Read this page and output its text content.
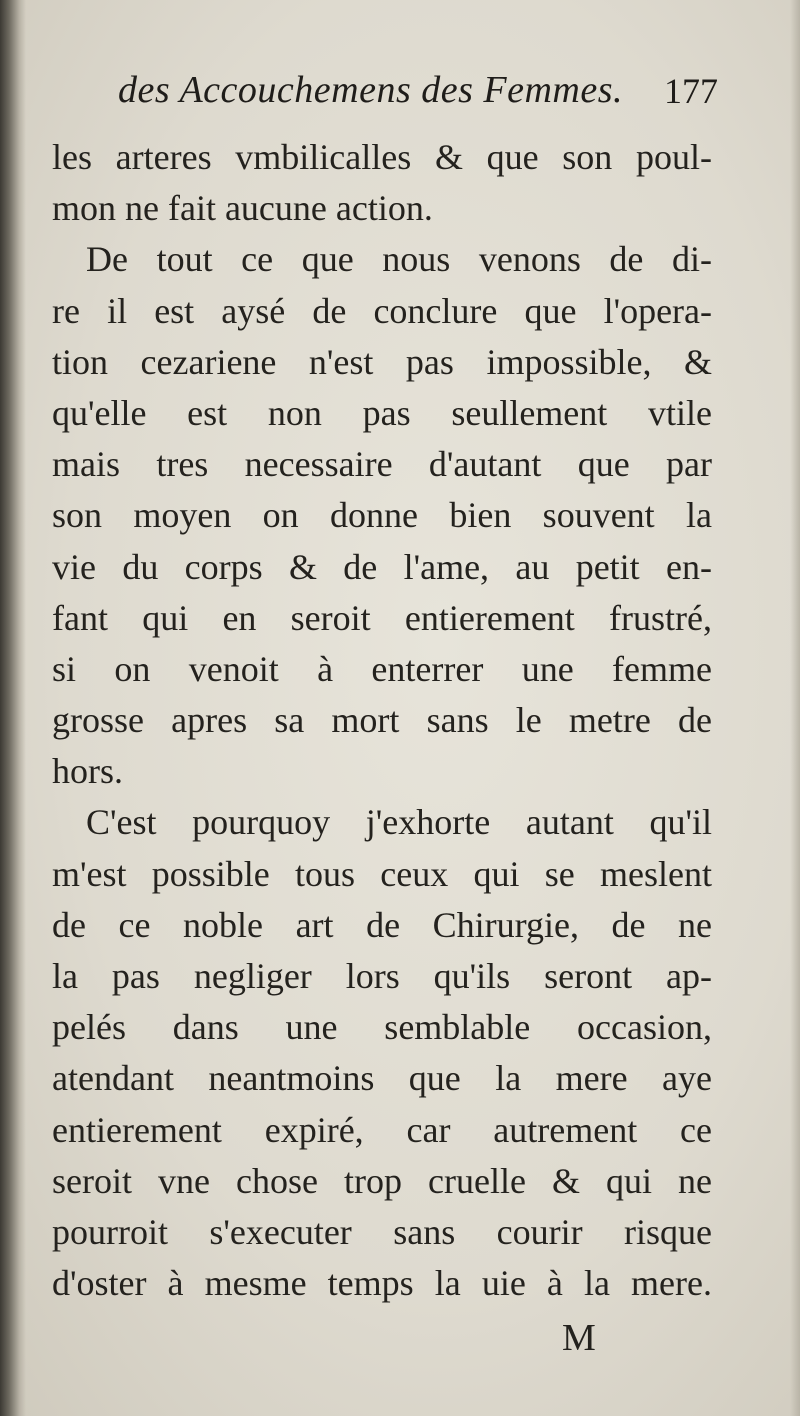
des Accouchemens des Femmes. 177
les arteres vmbilicalles & que son poul-
mon ne fait aucune action.
De tout ce que nous venons de di-
re il est aysé de conclure que l'opera-
tion cezariene n'est pas impossible, &
qu'elle est non pas seullement vtile
mais tres necessaire d'autant que par
son moyen on donne bien souvent la
vie du corps & de l'ame, au petit en-
fant qui en seroit entierement frustré,
si on venoit à enterrer une femme
grosse apres sa mort sans le metre de
hors.
C'est pourquoy j'exhorte autant qu'il
m'est possible tous ceux qui se meslent
de ce noble art de Chirurgie, de ne
la pas negliger lors qu'ils seront ap-
pelés dans une semblable occasion,
atendant neantmoins que la mere aye
entierement expiré, car autrement ce
seroit vne chose trop cruelle & qui ne
pourroit s'executer sans courir risque
d'oster à mesme temps la uie à la mere.
M
